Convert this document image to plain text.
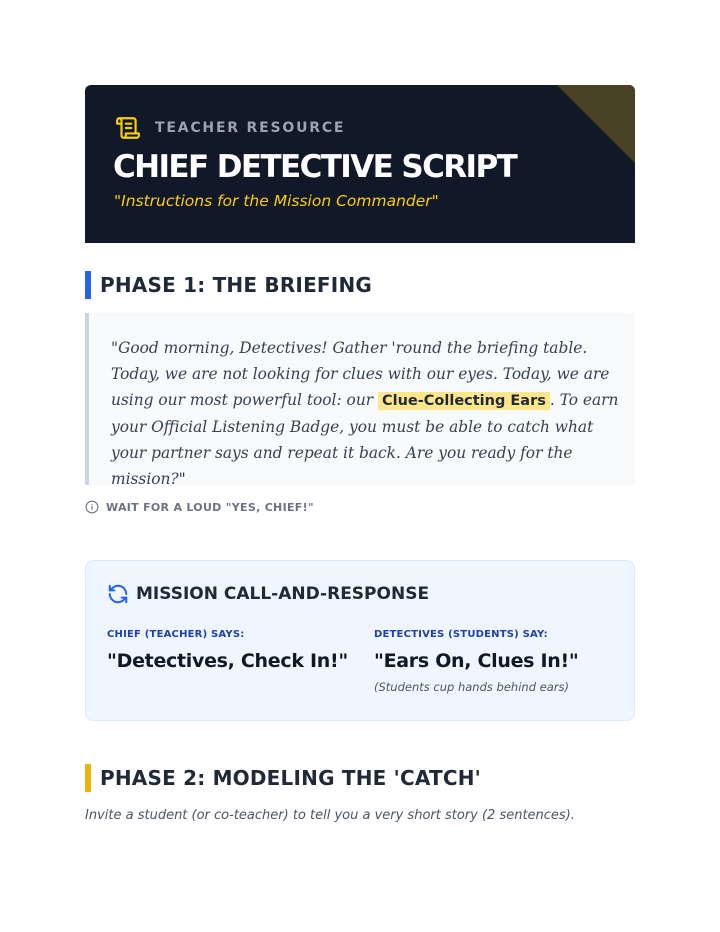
TEACHER RESOURCE
CHIEF DETECTIVE SCRIPT
"Instructions for the Mission Commander"
PHASE 1: THE BRIEFING

"Good morning, Detectives! Gather 'round the briefing table. Today, we are not looking for clues with our eyes. Today, we are using our most powerful tool: our Clue-Collecting Ears . To earn your Official Listening Badge, you must be able to catch what your partner says and repeat it back. Are you ready for the mission?"

WAIT FOR A LOUD "YES, CHIEF!"
MISSION CALL-AND-RESPONSE
CHIEF (TEACHER) SAYS:
"Detectives, Check In!"
DETECTIVES (STUDENTS) SAY:
"Ears On, Clues In!"
(Students cup hands behind ears)
PHASE 2: MODELING THE 'CATCH'
Invite a student (or co-teacher) to tell you a very short story (2 sentences).
